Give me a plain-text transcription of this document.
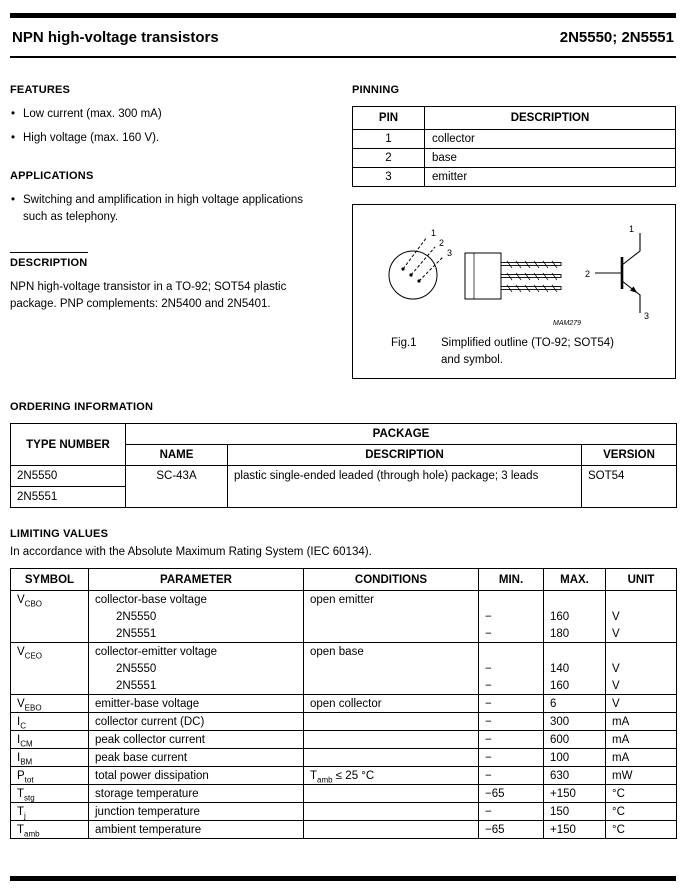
NPN high-voltage transistors	2N5550; 2N5551
FEATURES
• Low current (max. 300 mA)
• High voltage (max. 160 V).
APPLICATIONS
• Switching and amplification in high voltage applications such as telephony.
DESCRIPTION

NPN high-voltage transistor in a TO-92; SOT54 plastic package. PNP complements: 2N5400 and 2N5401.

PINNING
PIN	DESCRIPTION
1	collector
2	base
3	emitter
1
2
3
1
2
3
MAM279
Fig.1	Simplified outline (TO-92; SOT54)
and symbol.
ORDERING INFORMATION
TYPE NUMBER	PACKAGE		
	NAME	DESCRIPTION	VERSION
2N5550	SC-43A	plastic single-ended leaded (through hole) package; 3 leads	SOT54
2N5551			
LIMITING VALUES

In accordance with the Absolute Maximum Rating System (IEC 60134).

SYMBOL	PARAMETER	CONDITIONS	MIN.	MAX.	UNIT
$V_{CBO}$	collector-base voltage	open emitter			
	2N5550		−	160	V
	2N5551		−	180	V
$V_{CEO}$	collector-emitter voltage	open base			
	2N5550		−	140	V
	2N5551		−	160	V
$V_{EBO}$	emitter-base voltage	open collector	−	6	V
$I_C$	collector current (DC)		−	300	mA
$I_{CM}$	peak collector current		−	600	mA
$I_{BM}$	peak base current		−	100	mA
$P_{tot}$	total power dissipation	$T_{amb} \le 25$ °C	−	630	mW
$T_{stg}$	storage temperature		−65	+150	°C
$T_j$	junction temperature		−	150	°C
$T_{amb}$	ambient temperature		−65	+150	°C
